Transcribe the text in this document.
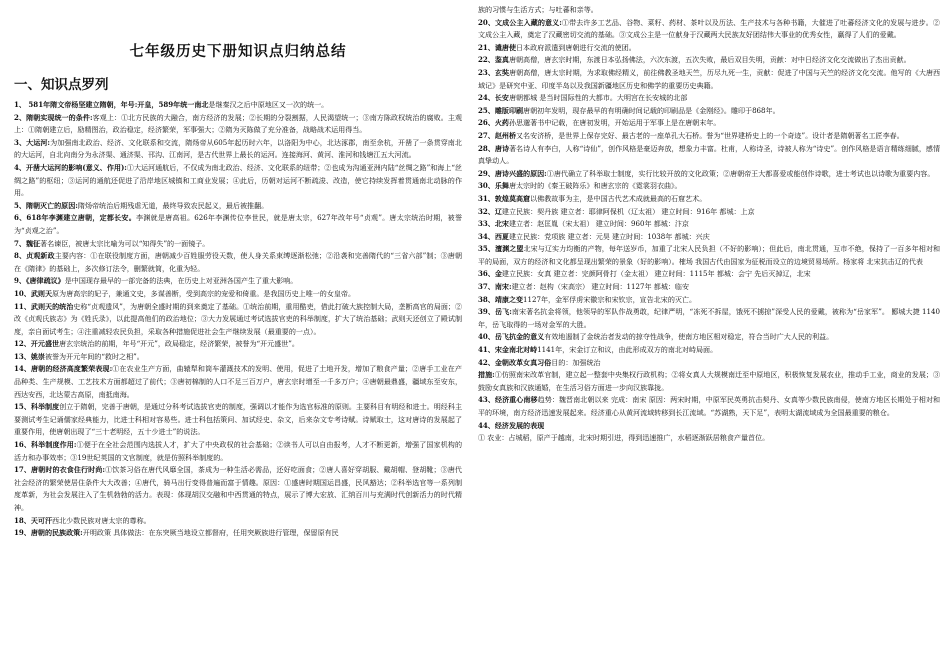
七年级历史下册知识点归纳总结
一、知识点罗列

1、 581年隋文帝杨坚建立隋朝，年号:开皇，589年统一南北是继秦汉之后中原地区又一次的统一。

2、隋朝实现统一的条件:客观上：①北方民族的大融合，南方经济的发展；②长期的分裂割据，人民渴望统一；③南方陈政权统治的腐败。主观上：①隋朝建立后，励精图治，政治稳定，经济繁荣，军事强大；②隋为灭陈做了充分准备，战略战术运用得当。

3、大运河:为加强南北政治、经济、文化联系和交流，隋炀帝从605年起历时六年，以洛阳为中心，北达涿郡，南至余杭，开凿了一条贯穿南北的大运河，自北向南分为永济渠、通济渠、邗沟、江南河，是古代世界上最长的运河。连接海河、黄河、淮河和钱塘江五大河流。

4、开凿大运河的影响(意义、作用):①大运河通航后，不仅成为南北政治、经济、文化联系的纽带；②也成为沟通亚洲内陆“丝绸之路”和海上“丝绸之路”的枢纽；③运河的通航还促进了沿岸地区城镇和工商业发展；④此后，历朝对运河不断疏浚、改造，使它持续发挥着贯通南北动脉的作用。

5、隋朝灭亡的原因:隋炀帝统治后期残虐无道，最终导致农民起义，最后被推翻。

6、618年李渊建立唐朝，定都长安。李渊就是唐高祖。626年李渊传位李世民，就是唐太宗，627年改年号“贞观”。唐太宗统治时期，被誉为“贞观之治”。

7、魏征著名谏臣，被唐太宗比喻为可以“知得失”的一面镜子。

8、贞观新政主要内容：①在联役制度方面，唐朝减少百姓服劳役天数，使人身关系束缚逐渐松弛；②沿袭和完善隋代的“三省六部”制；③唐朝在《隋律》的基础上，多次修订法令，删繁就简，化重为轻。

9、《唐律疏议》是中国现存最早的一部完备的法典，在历史上对亚洲各国产生了重大影响。

10、武则天原为唐高宗的妃子，兼通文史，多谋善断，受到高宗的宠爱和倚重。是我国历史上唯一的女皇帝。

11、武则天的统治史称“贞观遗风”，为唐朝全盛时期的到来奠定了基础。①统治前期，重用酷吏，借此打破大族控制大局，垄断高官的局面；②改《贞观氏族志》为《姓氏录》，以此提高他们的政治地位；③大力发展通过考试选拔官吏的科举制度，扩大了统治基础；武则天还创立了殿试制度，亲自面试考生；④注重减轻农民负担，采取各种措施促进社会生产继续发展（最重要的一点）。

12、开元盛世唐玄宗统治的前期，年号“开元”，政局稳定，经济繁荣，被誉为“开元盛世”。

13、姚崇被誉为开元年间的“救时之相”。

14、唐朝的经济高度繁荣表现:①在农业生产方面，曲辕犁和筒车灌溉技术的发明、使用，促进了土地开发，增加了粮食产量；②唐手工业在产品种类、生产规模、工艺技术方面都超过了前代；③唐初棉制的人口不足三百万户，唐玄宗时增至一千多万户；④唐朝最鼎盛，疆域东至安东，西达安西，北达蒙古高原，南抵南海。

15、科举制度创立于隋朝，完善于唐朝，是通过分科考试选拔官吏的制度，强调以才能作为选官标准的原则。主要科目有明经和进士。明经科主要测试考生记诵儒家经典能力，比进士科相对容易些。进士科包括策问、加试经史、杂文，后来杂文专考诗赋。诗赋取士，这对唐诗的发展起了重要作用，使唐朝出现了“三十老明经，五十少进士”的说法。

16、科举制度作用:①便于在全社会范围内选拔人才，扩大了中央政权的社会基础；②读书人可以自由报考，人才不断更新，增强了国家机构的活力和办事效率；③19世纪英国的文官制度，就是仿照科举制度的。

17、唐朝时的衣食住行时尚:①饮茶习俗在唐代风靡全国，茶成为一种生活必需品，还好吃面食；②唐人喜好穿胡服、戴胡帽、登胡靴；③唐代社会经济的繁荣使居住条件大大改善；④唐代，骑马出行变得普遍而富于情趣。原因：①盛唐时期国运昌盛，民风豁达；②科举选官等一系列制度革新，为社会发展注入了生机勃勃的活力。表现：体现胡汉交融和中西贯通的特点，展示了博大宏放、汇纳百川与充满时代创新活力的时代精神。

18、天可汗西北少数民族对唐太宗的尊称。

19、唐朝的民族政策:开明政策 具体做法：在东突厥当地设立都督府，任用突厥族进行管理，保留原有民

族的习惯与生活方式；与吐蕃和亲等。

20、文成公主入藏的意义:①带去许多工艺品、谷物、菜籽、药材、茶叶以及历法、生产技术与各种书籍，大催进了吐蕃经济文化的发展与进步。②文成公主入藏，奠定了汉藏密切交流的基础。③文成公主是一位献身于汉藏两大民族友好团结伟大事业的优秀女性，赢得了人们的爱戴。

21、谴唐使日本政府派遣到唐朝进行交流的使团。

22、鉴真唐朝高僧，唐玄宗时期，东渡日本弘扬佛法，六次东渡，五次失败，最后双目失明，贡献：对中日经济文化交流做出了杰出贡献。

23、玄奘唐朝高僧，唐太宗时期，为求取佛经精义，前往佛教圣地天竺，历尽九死一生，贡献：促进了中国与天竺的经济文化交流。他写的《大唐西域记》是研究中亚、印度半岛以及我国新疆地区历史和佛学的重要历史典籍。

24、长安唐朝都城 是当时国际性的大都市。大明宫在长安城的北部

25、雕版印刷唐朝初年发明，现存最早的有明确时间记载的印刷品是《金刚经》。雕印于868年。

26、火药孙思邈著书中记载，在唐初发明，开始运用于军事上是在唐朝末年。

27、赵州桥又名安济桥，是世界上保存完好、最古老的一座单孔大石桥。誉为“世界建桥史上的一个奇迹”。设计者是隋朝著名工匠李春。

28、唐诗著名诗人有李白，人称“诗仙”，创作风格是豪迈奔放，想象力丰富。杜甫，人称诗圣，诗被人称为“诗史”。创作风格是语言精练细腻，感情真挚动人。

29、唐诗兴盛的原因:①唐代确立了科举取士制度，实行比较开放的文化政策；②唐朝帝王大都喜爱或能创作诗歌，进士考试也以诗歌为重要内容。

30、乐舞唐太宗时的《秦王破阵乐》和唐玄宗的《霓裳羽衣曲》。

31、敦煌莫高窟以佛教故事为主，是中国古代艺术成就最高的石窟艺术。

32、辽建立民族：契丹族 建立者：耶律阿保机（辽太祖） 建立时间：916年 都城：上京

33、北宋建立者：赵匡胤（宋太祖） 建立时间：960年 都城：汴京

34、西夏建立民族：党项族 建立者：元昊 建立时间：1038年 都城：兴庆

35、澶渊之盟北宋与辽实力均衡的产物，每年送岁币，加重了北宋人民负担（不好的影响）；但此后，南北贯通，互市不绝，保持了一百多年相对和平的局面，双方的经济和文化都呈现出繁荣的景象（好的影响）。榷场 我国古代由国家为征税而设立的边境贸易场所。杨家将 北宋抗击辽的代表

36、金建立民族：女真 建立者：完颜阿骨打（金太祖） 建立时间：1115年 都城：会宁 先后灭掉辽，北宋

37、南宋:建立者：赵构（宋高宗） 建立时间：1127年 都城：临安

38、靖康之变1127年，金军俘虏宋徽宗和宋钦宗，宣告北宋的灭亡。

39、岳飞:南宋著名抗金将领，他领导的军队作战勇敢，纪律严明，“冻死不拆屋，饿死不掳掠”深受人民的爱戴，被称为“岳家军”。 郾城大捷 1140年，岳飞取得的一场对金军的大胜。

40、岳飞抗金的意义有效地遏制了金统治者发动的掠夺性战争，使南方地区相对稳定，符合当时广大人民的利益。

41、宋金南北对峙1141年，宋金订立和议，由此形成双方的南北对峙局面。

42、金朝改革女真习俗目的：加强统治

措施:①仿照南宋改革官制，建立起一整套中央集权行政机构；②将女真人大规模南迁至中原地区，积极恢复发展农业，推动手工业，商业的发展；③鼓励女真族和汉族通婚，在生活习俗方面进一步向汉族靠拢。

43、经济重心南移趋势：魏晋南北朝以来 完成：南宋 原因：两宋时期，中原军民英勇抗击契丹、女真等少数民族南侵，使南方地区长期处于相对和平的环境，南方经济迅速发展起来。经济重心从黄河流域转移到长江流域。“苏湖熟，天下足”，表明太湖流域成为全国最重要的粮仓。

44、经济发展的表现

① 农业：占城稻，原产于越南，北宋时期引进，得到迅速推广，水稻逐渐跃居粮食产量首位。
